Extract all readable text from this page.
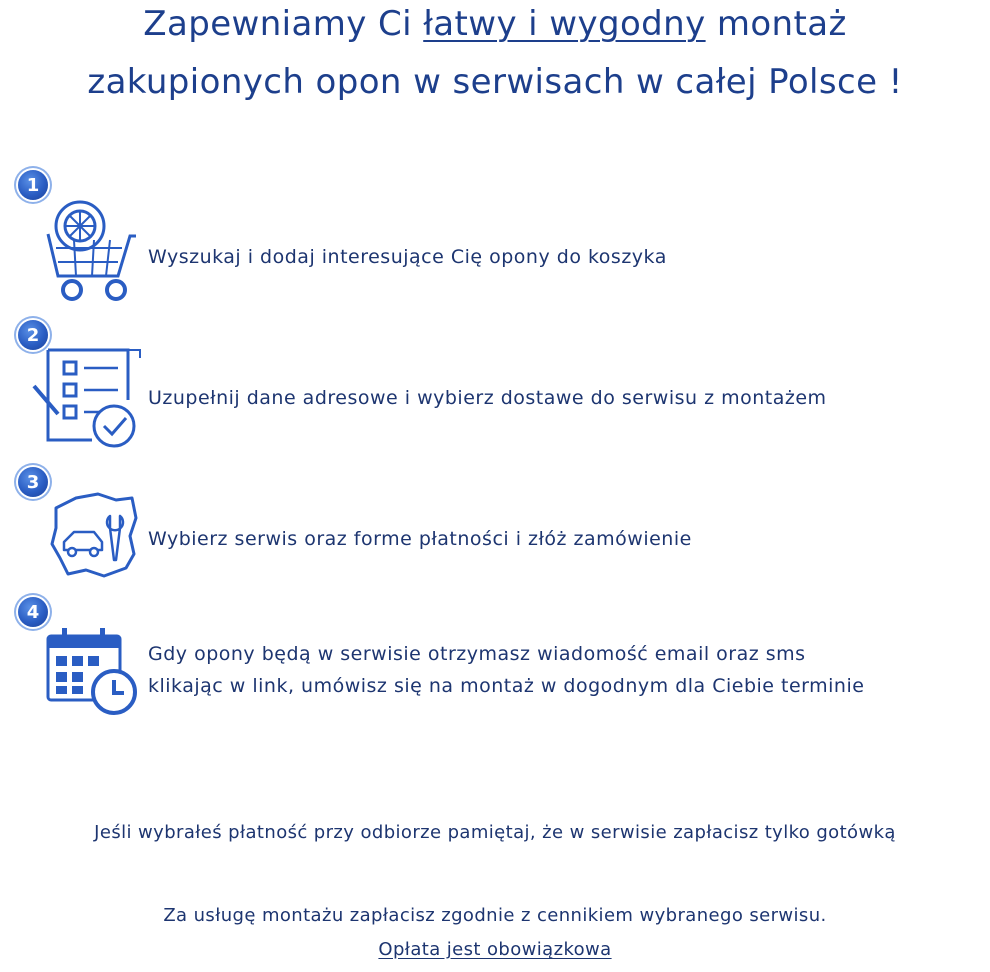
Zapewniamy Ci łatwy i wygodny montaż
zakupionych opon w serwisach w całej Polsce !
1
Wyszukaj i dodaj interesujące Cię opony do koszyka
2
Uzupełnij dane adresowe i wybierz dostawe do serwisu z montażem
3
Wybierz serwis oraz forme płatności i złóż zamówienie
4
Gdy opony będą w serwisie otrzymasz wiadomość email oraz sms
klikając w link, umówisz się na montaż w dogodnym dla Ciebie terminie
Jeśli wybrałeś płatność przy odbiorze pamiętaj, że w serwisie zapłacisz tylko gotówką
Za usługę montażu zapłacisz zgodnie z cennikiem wybranego serwisu.
Opłata jest obowiązkowa
